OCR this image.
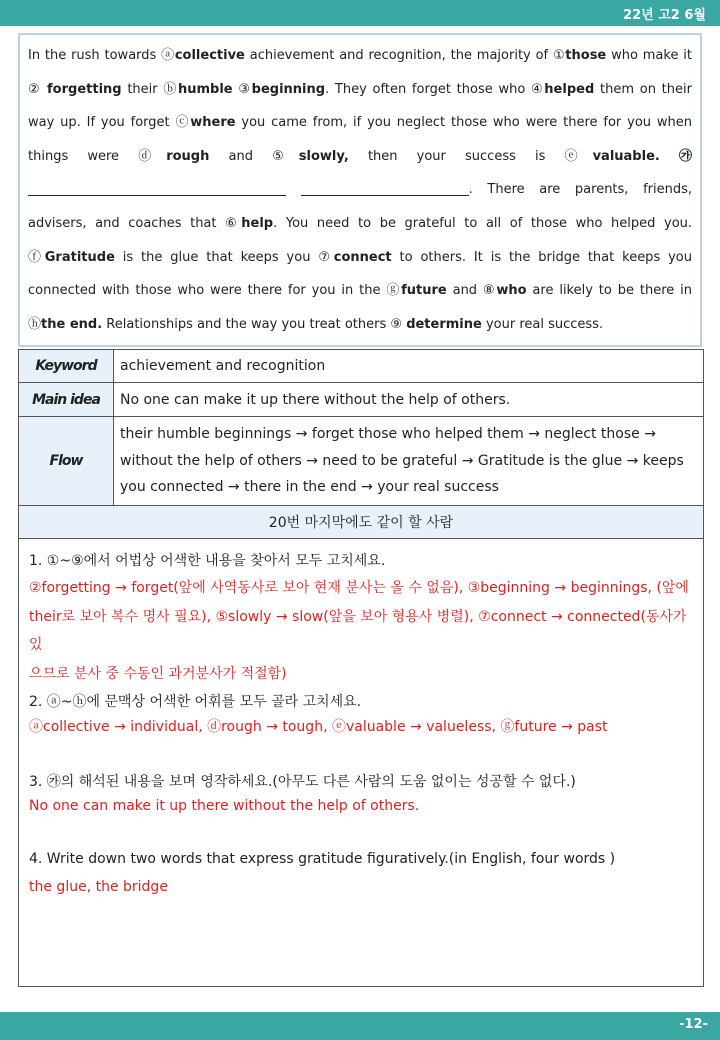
22년 고2 6월

In the rush towards ⓐcollective achievement and recognition, the majority of ①those who make it ② forgetting their ⓑhumble ③beginning. They often forget those who ④helped them on their way up. If you forget ⓒwhere you came from, if you neglect those who were there for you when things were ⓓrough and ⑤slowly, then your success is ⓔvaluable. ㉮ . There are parents, friends, advisers, and coaches that ⑥help. You need to be grateful to all of those who helped you. ⓕGratitude is the glue that keeps you ⑦connect to others. It is the bridge that keeps you connected with those who were there for you in the ⓖfuture and ⑧who are likely to be there in ⓗthe end. Relationships and the way you treat others ⑨ determine your real success.

Keyword	achievement and recognition
Main idea	No one can make it up there without the help of others.
Flow	their humble beginnings → forget those who helped them → neglect those →
without the help of others → need to be grateful → Gratitude is the glue → keeps
you connected → there in the end → your real success

20번 마지막에도 같이 할 사람	
1. ①~⑨에서 어법상 어색한 내용을 찾아서 모두 고치세요.
②forgetting → forget(앞에 사역동사로 보아 현재 분사는 올 수 없음), ③beginning → beginnings, (앞에
their로 보아 복수 명사 필요), ⑤slowly → slow(앞을 보아 형용사 병렬), ⑦connect → connected(동사가 있
으므로 분사 중 수동인 과거분사가 적절함)
2. ⓐ~ⓗ에 문맥상 어색한 어휘를 모두 골라 고치세요.
ⓐcollective → individual, ⓓrough → tough, ⓔvaluable → valueless, ⓖfuture → past
3. ㉮의 해석된 내용을 보며 영작하세요.(아무도 다른 사람의 도움 없이는 성공할 수 없다.)
No one can make it up there without the help of others.
4. Write down two words that express gratitude figuratively.(in English, four words )
the glue, the bridge
-12-
